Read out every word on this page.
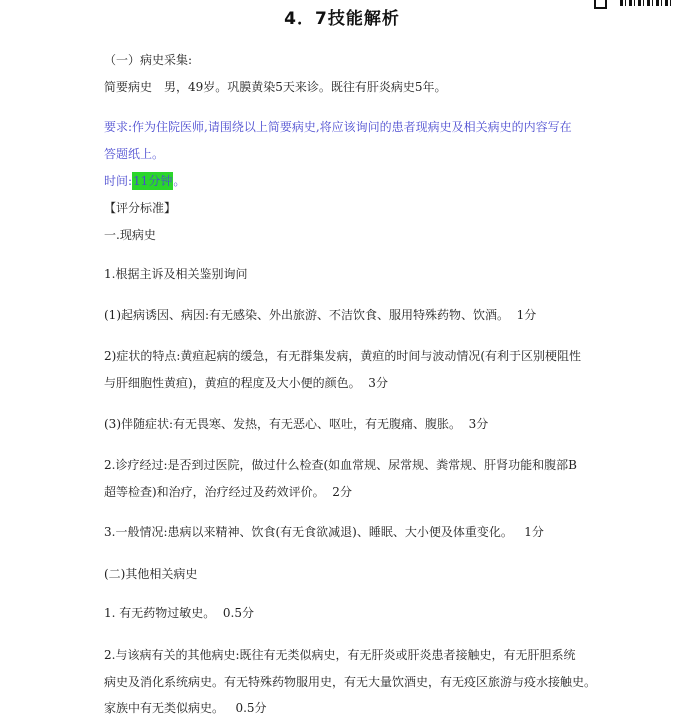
4．7技能解析
（一）病史采集:
简要病史　男，49岁。巩膜黄染5天来诊。既往有肝炎病史5年。
要求:作为住院医师,请围绕以上简要病史,将应该询问的患者现病史及相关病史的内容写在
答题纸上。
时间:11分钟。
【评分标准】
一.现病史
1.根据主诉及相关鉴别询问
(1)起病诱因、病因:有无感染、外出旅游、不洁饮食、服用特殊药物、饮酒。  1分
2)症状的特点:黄疸起病的缓急，有无群集发病，黄疸的时间与波动情况(有利于区别梗阻性
与肝细胞性黄疸)，黄疸的程度及大小便的颜色。  3分
(3)伴随症状:有无畏寒、发热，有无恶心、呕吐，有无腹痛、腹胀。  3分
2.诊疗经过:是否到过医院，做过什么检查(如血常规、尿常规、粪常规、肝肾功能和腹部B
超等检查)和治疗，治疗经过及药效评价。  2分
3.一般情况:患病以来精神、饮食(有无食欲减退)、睡眠、大小便及体重变化。   1分
(二)其他相关病史
1. 有无药物过敏史。  0.5分
2.与该病有关的其他病史:既往有无类似病史，有无肝炎或肝炎患者接触史，有无肝胆系统
病史及消化系统病史。有无特殊药物服用史，有无大量饮酒史，有无疫区旅游与疫水接触史。
家族中有无类似病史。   0.5分
